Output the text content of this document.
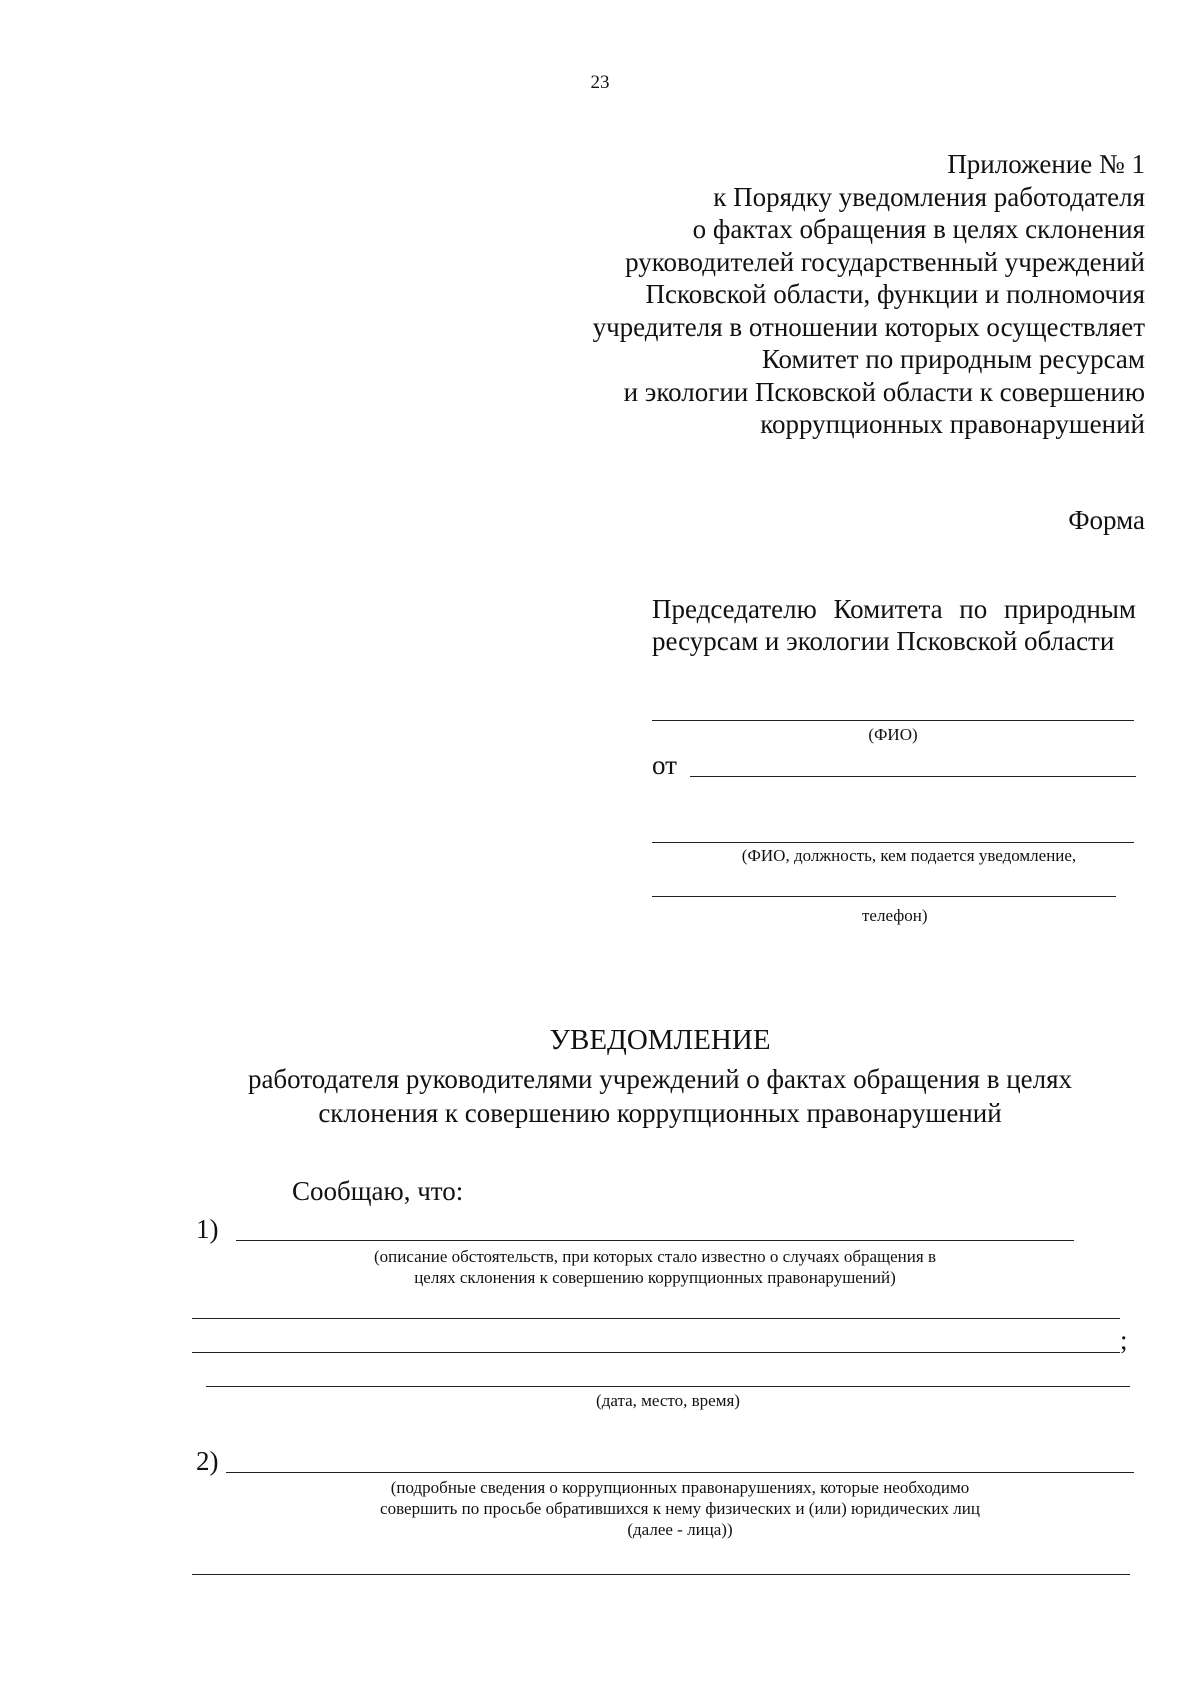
23
Приложение № 1
к Порядку уведомления работодателя
о фактах обращения в целях склонения
руководителей государственный учреждений
Псковской области, функции и полномочия
учредителя в отношении которых осуществляет
Комитет по природным ресурсам
и экологии Псковской области к совершению
коррупционных правонарушений
Форма
Председателю Комитета по природным ресурсам и экологии Псковской области
(ФИО)
от
(ФИО, должность, кем подается уведомление,
телефон)
УВЕДОМЛЕНИЕ
работодателя руководителями учреждений о фактах обращения в целях
склонения к совершению коррупционных правонарушений
Сообщаю, что:
1)
(описание обстоятельств, при которых стало известно о случаях обращения в
целях склонения к совершению коррупционных правонарушений)
;
(дата, место, время)
2)
(подробные сведения о коррупционных правонарушениях, которые необходимо
совершить по просьбе обратившихся к нему физических и (или) юридических лиц
(далее - лица))
